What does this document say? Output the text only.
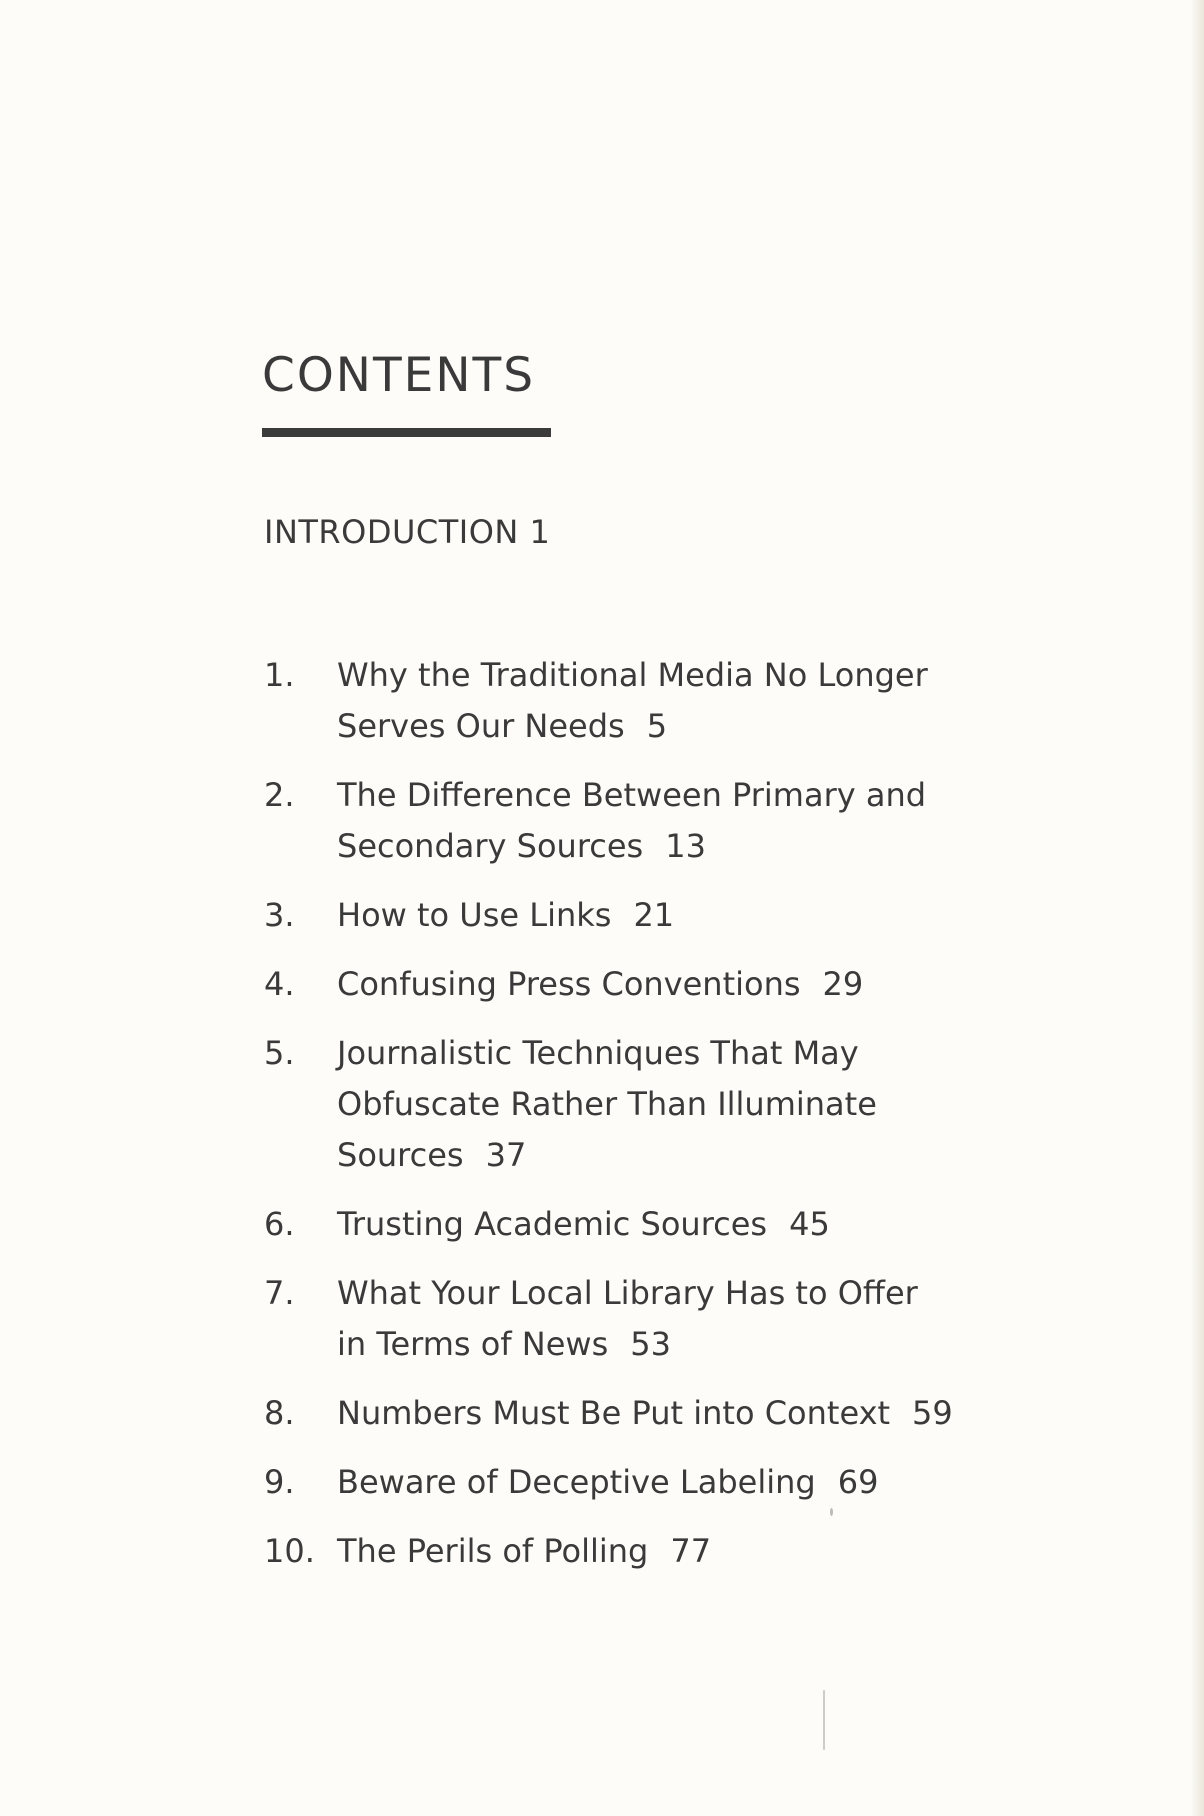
CONTENTS
INTRODUCTION 1
1.	Why the Traditional Media No Longer
Serves Our Needs 5
2.	The Difference Between Primary and
Secondary Sources 13
3.	How to Use Links 21
4.	Confusing Press Conventions 29
5.	Journalistic Techniques That May
Obfuscate Rather Than Illuminate
Sources 37
6.	Trusting Academic Sources 45
7.	What Your Local Library Has to Offer
in Terms of News 53
8.	Numbers Must Be Put into Context 59
9.	Beware of Deceptive Labeling 69
10. The Perils of Polling 77
